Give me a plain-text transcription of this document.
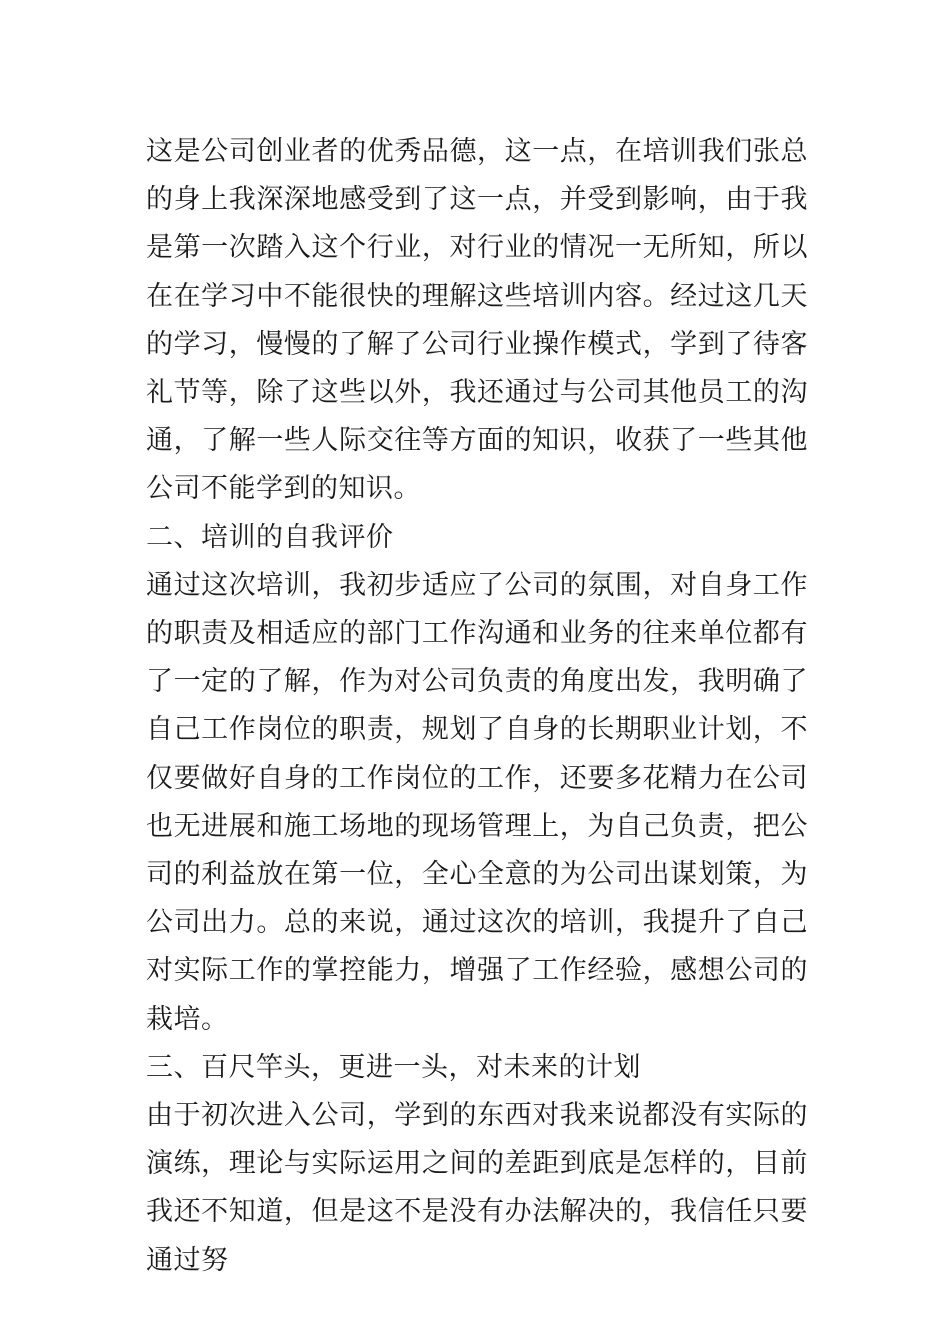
这是公司创业者的优秀品德，这一点，在培训我们张总的身上我深深地感受到了这一点，并受到影响，由于我是第一次踏入这个行业，对行业的情况一无所知，所以在在学习中不能很快的理解这些培训内容。经过这几天的学习，慢慢的了解了公司行业操作模式，学到了待客礼节等，除了这些以外，我还通过与公司其他员工的沟通，了解一些人际交往等方面的知识，收获了一些其他公司不能学到的知识。

二、培训的自我评价

通过这次培训，我初步适应了公司的氛围，对自身工作的职责及相适应的部门工作沟通和业务的往来单位都有了一定的了解，作为对公司负责的角度出发，我明确了自己工作岗位的职责，规划了自身的长期职业计划，不仅要做好自身的工作岗位的工作，还要多花精力在公司也无进展和施工场地的现场管理上，为自己负责，把公司的利益放在第一位，全心全意的为公司出谋划策，为公司出力。总的来说，通过这次的培训，我提升了自己对实际工作的掌控能力，增强了工作经验，感想公司的栽培。

三、百尺竿头，更进一头，对未来的计划

由于初次进入公司，学到的东西对我来说都没有实际的演练，理论与实际运用之间的差距到底是怎样的，目前我还不知道，但是这不是没有办法解决的，我信任只要通过努
